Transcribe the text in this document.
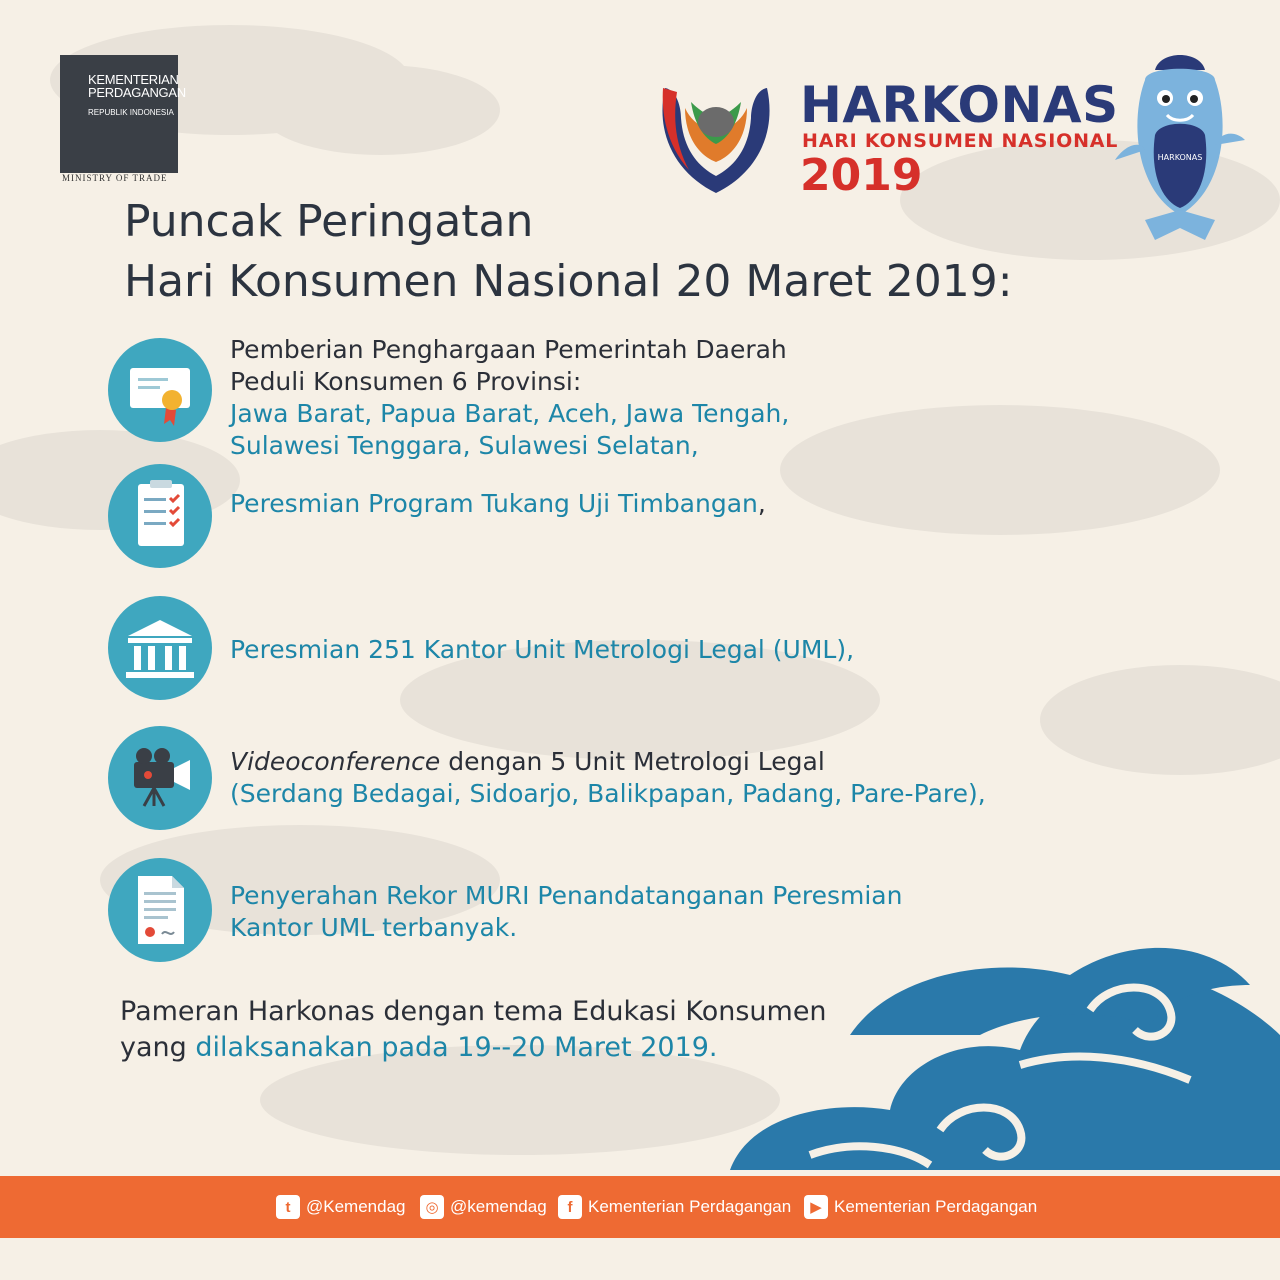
KEMENTERIAN
PERDAGANGAN
REPUBLIK INDONESIA
MINISTRY OF TRADE
HARKONAS
HARI KONSUMEN NASIONAL
2019	HARKONAS
Puncak Peringatan
Hari Konsumen Nasional 20 Maret 2019:
Pemberian Penghargaan Pemerintah Daerah
Peduli Konsumen 6 Provinsi:
Jawa Barat, Papua Barat, Aceh, Jawa Tengah,
Sulawesi Tenggara, Sulawesi Selatan,
Peresmian Program Tukang Uji Timbangan,
Peresmian 251 Kantor Unit Metrologi Legal (UML),
Videoconference dengan 5 Unit Metrologi Legal
(Serdang Bedagai, Sidoarjo, Balikpapan, Padang, Pare-Pare),
Penyerahan Rekor MURI Penandatanganan Peresmian
Kantor UML terbanyak.
Pameran Harkonas dengan tema Edukasi Konsumen
yang dilaksanakan pada 19--20 Maret 2019.
t @Kemendag	◎ @kemendag	f Kementerian Perdagangan	▶ Kementerian Perdagangan
